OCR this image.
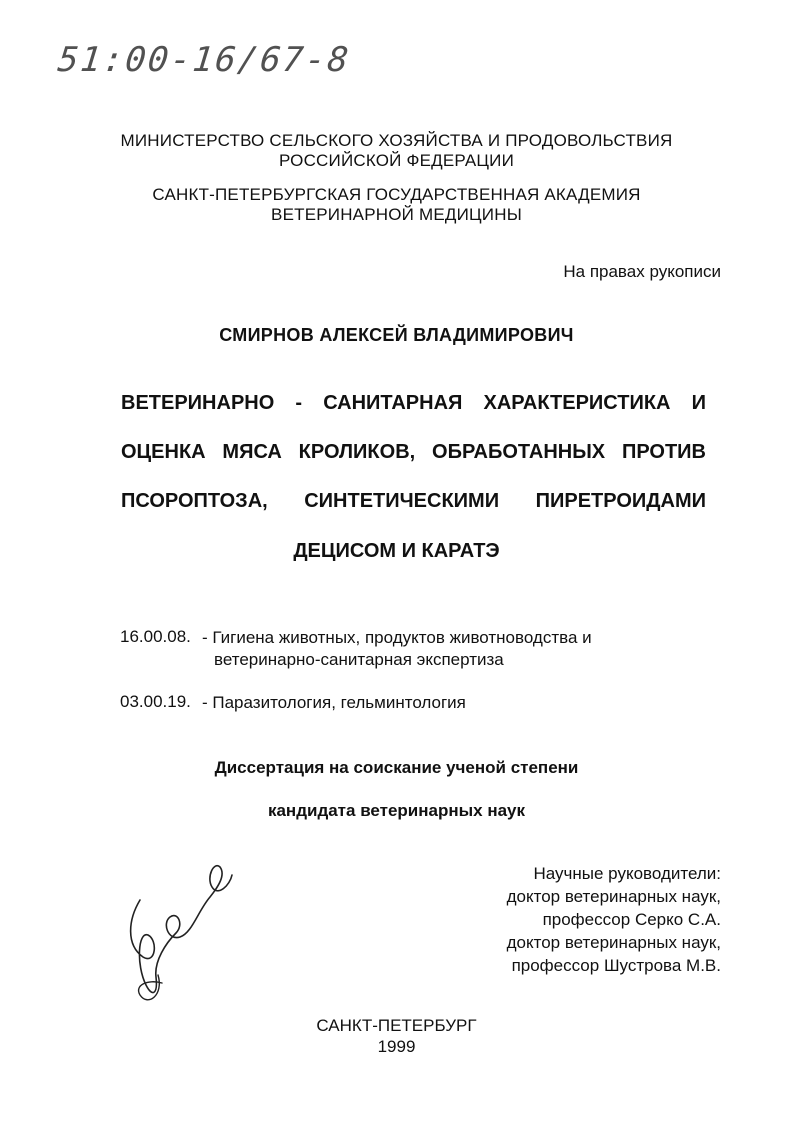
51:00-16/67-8
МИНИСТЕРСТВО СЕЛЬСКОГО ХОЗЯЙСТВА И ПРОДОВОЛЬСТВИЯ
РОССИЙСКОЙ ФЕДЕРАЦИИ
САНКТ-ПЕТЕРБУРГСКАЯ ГОСУДАРСТВЕННАЯ АКАДЕМИЯ
ВЕТЕРИНАРНОЙ МЕДИЦИНЫ
На правах рукописи
СМИРНОВ АЛЕКСЕЙ ВЛАДИМИРОВИЧ
ВЕТЕРИНАРНО - САНИТАРНАЯ ХАРАКТЕРИСТИКА И
ОЦЕНКА МЯСА КРОЛИКОВ, ОБРАБОТАННЫХ ПРОТИВ
ПСОРОПТОЗА, СИНТЕТИЧЕСКИМИ ПИРЕТРОИДАМИ
ДЕЦИСОМ И КАРАТЭ
16.00.08. - Гигиена животных, продуктов животноводства и
ветеринарно-санитарная экспертиза
03.00.19. - Паразитология, гельминтология
Диссертация на соискание ученой степени
кандидата ветеринарных наук
Научные руководители:
доктор ветеринарных наук,
профессор Серко С.А.
доктор ветеринарных наук,
профессор Шустрова М.В.
САНКТ-ПЕТЕРБУРГ
1999
